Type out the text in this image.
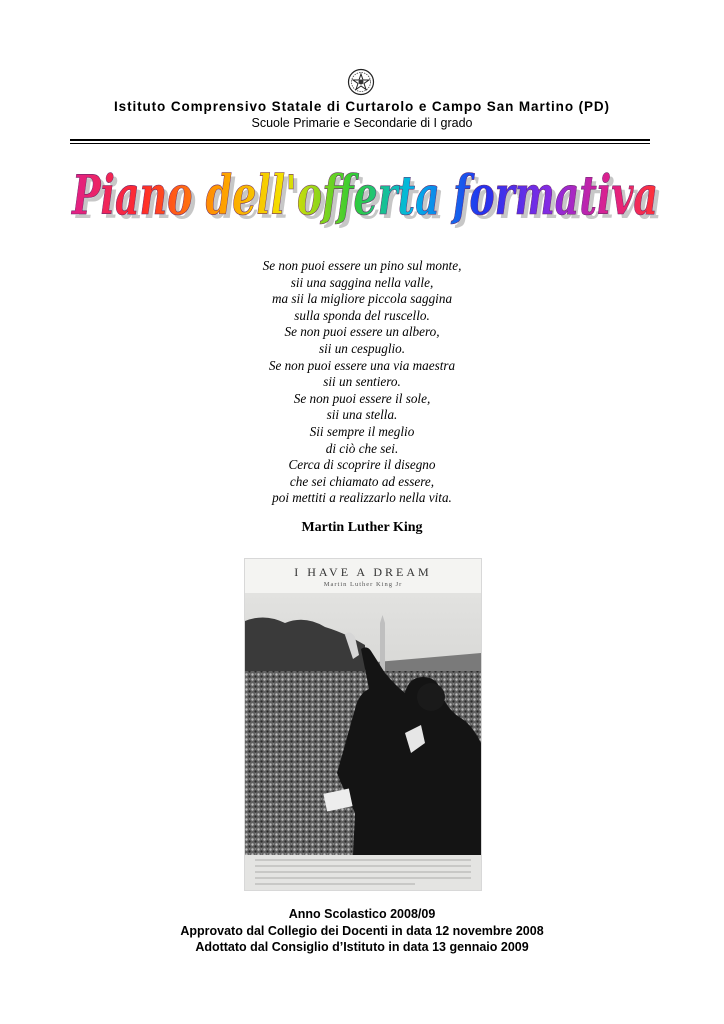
Istituto Comprensivo Statale di Curtarolo e Campo San Martino (PD)
Scuole Primarie e Secondarie di I grado
Piano dell'offerta formativa
Piano dell'offerta formativa
Se non puoi essere un pino sul monte,
sii una saggina nella valle,
ma sii la migliore piccola saggina
sulla sponda del ruscello.
Se non puoi essere un albero,
sii un cespuglio.
Se non puoi essere una via maestra
sii un sentiero.
Se non puoi essere il sole,
sii una stella.
Sii sempre il meglio
di ciò che sei.
Cerca di scoprire il disegno
che sei chiamato ad essere,
poi mettiti a realizzarlo nella vita.
Martin Luther King
I HAVE A DREAM
Martin Luther King Jr
Anno Scolastico 2008/09
Approvato dal Collegio dei Docenti in data 12 novembre 2008
Adottato dal Consiglio d’Istituto in data 13 gennaio 2009
